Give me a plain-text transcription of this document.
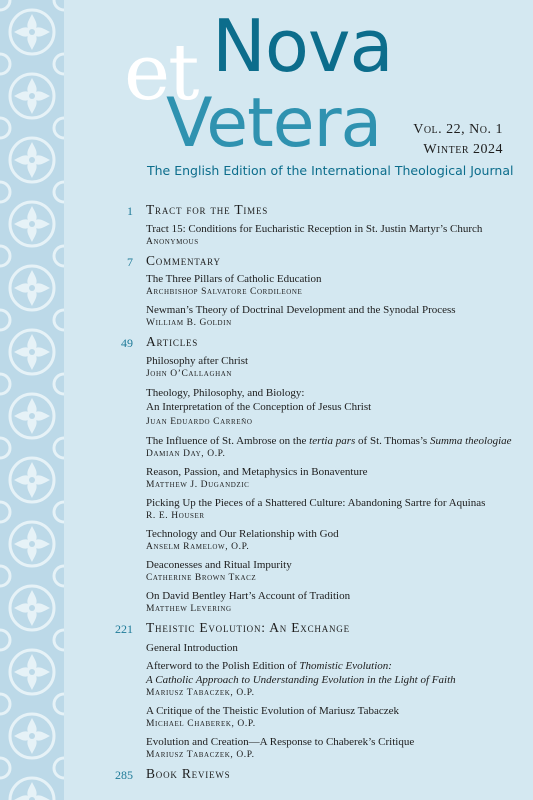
et Nova
Vetera Vol. 22, No. 1
Winter 2024
The English Edition of the International Theological Journal
1 Tract for the Times
Tract 15: Conditions for Eucharistic Reception in St. Justin Martyr’s Church
Anonymous
7 Commentary
The Three Pillars of Catholic Education
Archbishop Salvatore Cordileone
Newman’s Theory of Doctrinal Development and the Synodal Process
William B. Goldin
49 Articles
Philosophy after Christ
John O’Callaghan
Theology, Philosophy, and Biology:
An Interpretation of the Conception of Jesus Christ
Juan Eduardo Carreño
The Influence of St. Ambrose on the tertia pars of St. Thomas’s Summa theologiae
Damian Day, O.P.
Reason, Passion, and Metaphysics in Bonaventure
Matthew J. Dugandzic
Picking Up the Pieces of a Shattered Culture: Abandoning Sartre for Aquinas
R. E. Houser
Technology and Our Relationship with God
Anselm Ramelow, O.P.
Deaconesses and Ritual Impurity
Catherine Brown Tkacz
On David Bentley Hart’s Account of Tradition
Matthew Levering
221 Theistic Evolution: An Exchange
General Introduction
Afterword to the Polish Edition of Thomistic Evolution:
A Catholic Approach to Understanding Evolution in the Light of Faith
Mariusz Tabaczek, O.P.
A Critique of the Theistic Evolution of Mariusz Tabaczek
Michael Chaberek, O.P.
Evolution and Creation—A Response to Chaberek’s Critique
Mariusz Tabaczek, O.P.
285 Book Reviews
